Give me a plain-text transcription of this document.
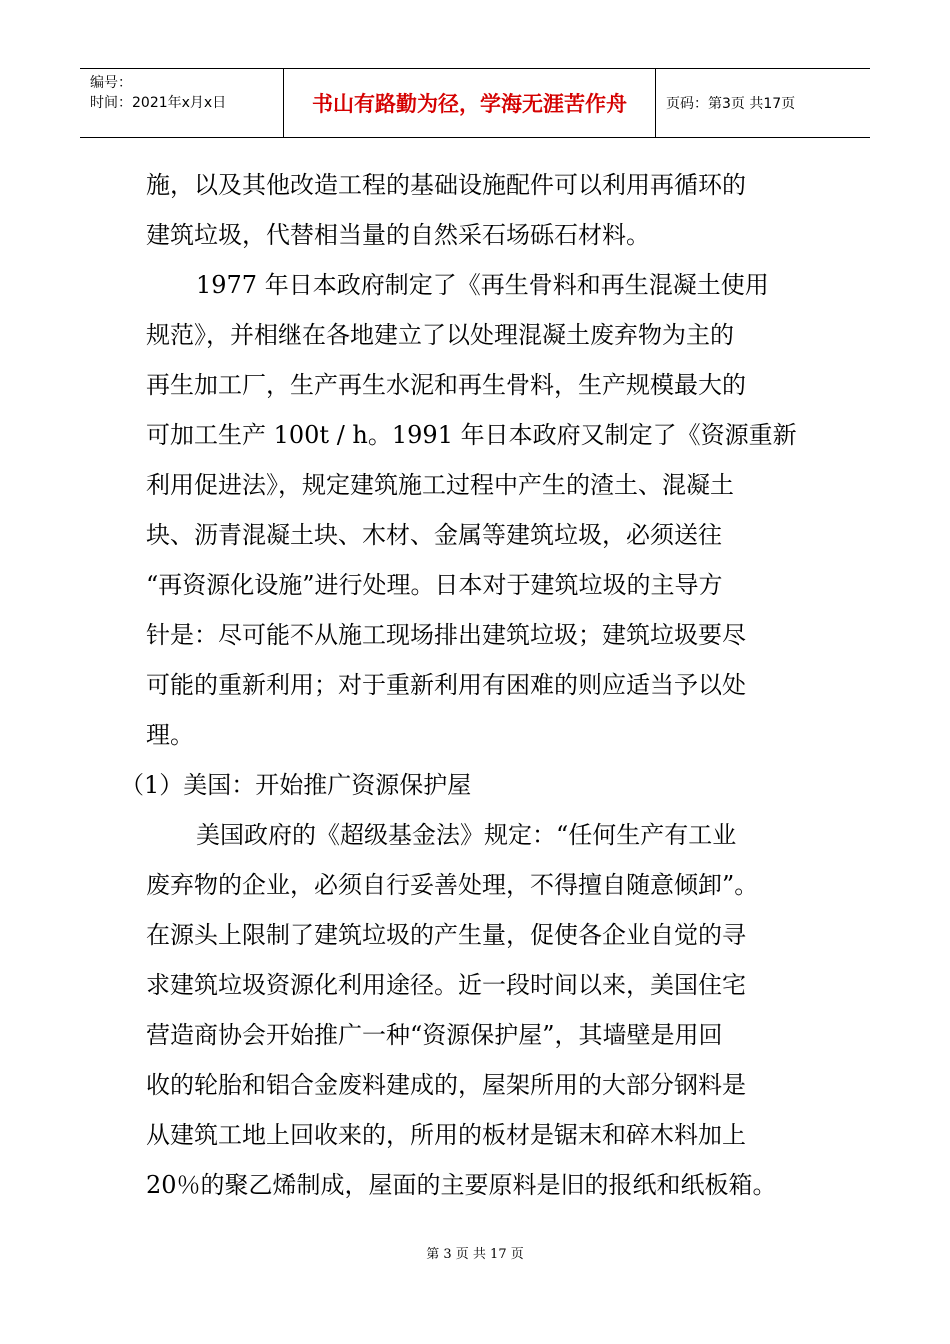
编号：
时间：2021年x月x日	书山有路勤为径，学海无涯苦作舟	页码：第3页 共17页
施，以及其他改造工程的基础设施配件可以利用再循环的
建筑垃圾，代替相当量的自然采石场砾石材料。
1977 年日本政府制定了《再生骨料和再生混凝土使用
规范》，并相继在各地建立了以处理混凝土废弃物为主的
再生加工厂，生产再生水泥和再生骨料，生产规模最大的
可加工生产 100t / h。1991 年日本政府又制定了《资源重新
利用促进法》，规定建筑施工过程中产生的渣土、混凝土
块、沥青混凝土块、木材、金属等建筑垃圾，必须送往
“再资源化设施”进行处理。日本对于建筑垃圾的主导方
针是：尽可能不从施工现场排出建筑垃圾；建筑垃圾要尽
可能的重新利用；对于重新利用有困难的则应适当予以处
理。
（1）美国：开始推广资源保护屋
美国政府的《超级基金法》规定：“任何生产有工业
废弃物的企业，必须自行妥善处理，不得擅自随意倾卸”。
在源头上限制了建筑垃圾的产生量，促使各企业自觉的寻
求建筑垃圾资源化利用途径。近一段时间以来，美国住宅
营造商协会开始推广一种“资源保护屋”，其墙壁是用回
收的轮胎和铝合金废料建成的，屋架所用的大部分钢料是
从建筑工地上回收来的，所用的板材是锯末和碎木料加上
20％的聚乙烯制成，屋面的主要原料是旧的报纸和纸板箱。
第 3 页 共 17 页
